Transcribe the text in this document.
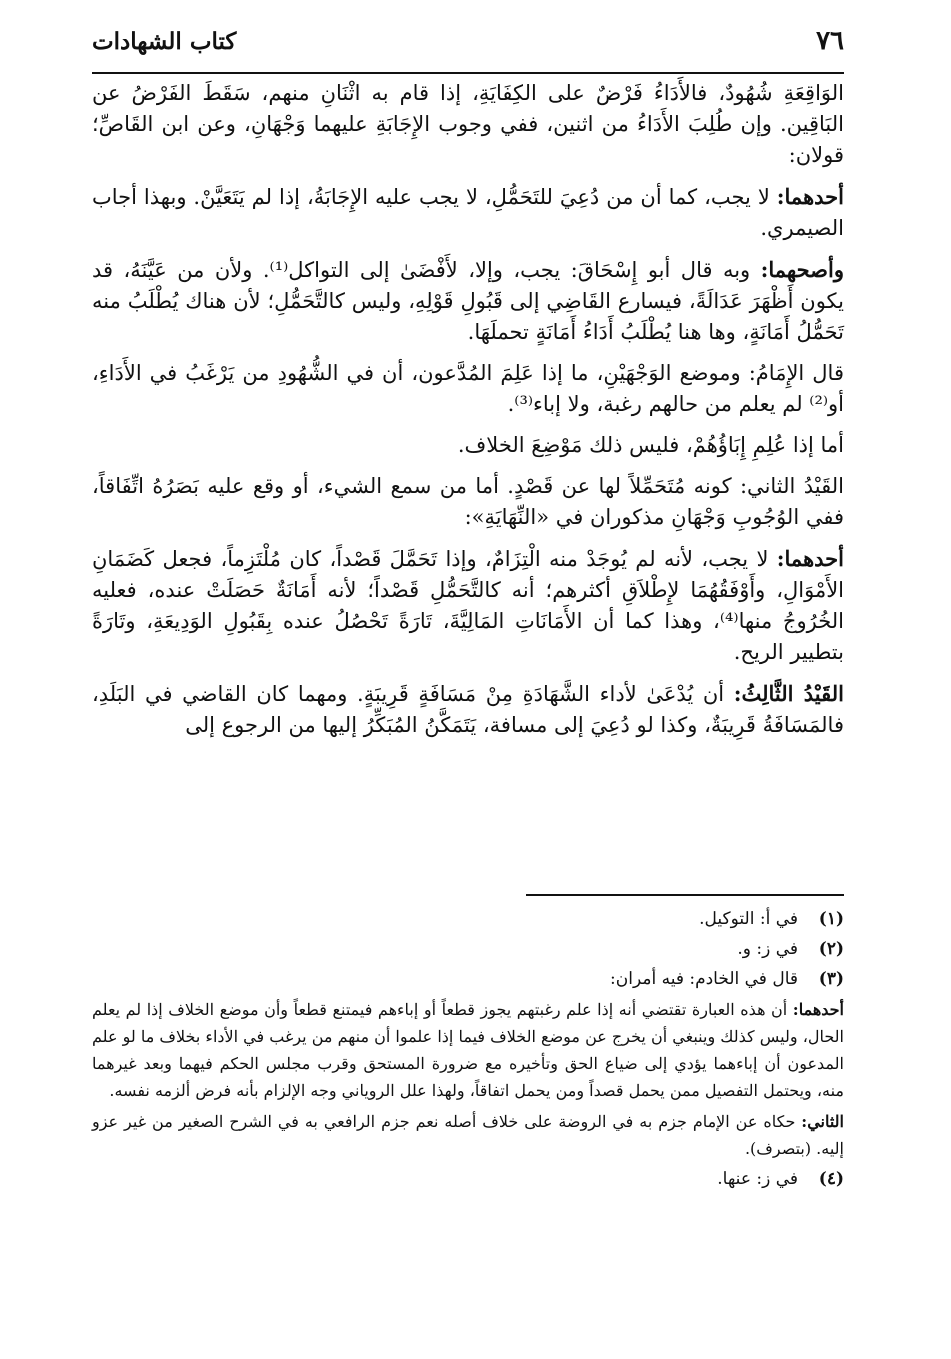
٧٦
كتاب الشهادات

الوَاقِعَةِ شُهُودٌ، فالأَدَاءُ فَرْضٌ على الكِفَايَةِ، إذا قام به اثْنَانِ منهم، سَقَطَ الفَرْضُ عن البَاقِين. وإن طُلِبَ الأَدَاءُ من اثنين، ففي وجوب الإِجَابَةِ عليهما وَجْهَانِ، وعن ابن القَاصِّ؛ قولان:

أحدهما: لا يجب، كما أن من دُعِيَ للتَحَمُّلِ، لا يجب عليه الإِجَابَةُ، إذا لم يَتَعَيَّنْ. وبهذا أجاب الصيمري.

وأصحهما: وبه قال أبو إِسْحَاقَ: يجب، وإلا، لأَفْضَىٰ إلى التواكل⁽¹⁾. ولأن من عَيَّنَهُ، قد يكون أَظْهَرَ عَدَالَةً، فيسارع القَاضِي إلى قَبُولِ قَوْلِهِ، وليس كالتَّحَمُّلِ؛ لأن هناك يُطْلَبُ منه تَحَمُّلُ أَمَانَةٍ، وها هنا يُطْلَبُ أَدَاءُ أَمَانَةٍ تحملَهَا.

قال الإِمَامُ: وموضع الوَجْهَيْنِ، ما إذا عَلِمَ المُدَّعون، أن في الشُّهُودِ من يَرْغَبُ في الأَدَاءِ، أو⁽²⁾ لم يعلم من حالهم رغبة، ولا إباء⁽³⁾.

أما إذا عُلِمِ إِبَاؤُهُمْ، فليس ذلك مَوْضِعَ الخلاف.

القَيْدُ الثاني: كونه مُتَحَمِّلاً لها عن قَصْدٍ. أما من سمع الشيء، أو وقع عليه بَصَرُهُ اتِّفَاقاً، ففي الوُجُوبِ وَجْهَانِ مذكوران في «النِّهَايَةِ»:

أحدهما: لا يجب، لأنه لم يُوجَدْ منه الْتِزَامٌ، وإذا تَحَمَّلَ قَصْداً، كان مُلْتَزِماً، فجعل كَضَمَانِ الأَمْوَالِ، وأَوْفَقُهُمَا لإِطْلاَقِ أكثرهم؛ أنه كالتَّحَمُّلِ قَصْداً؛ لأنه أَمَانَةٌ حَصَلَتْ عنده، فعليه الخُرُوجُ منها⁽⁴⁾، وهذا كما أن الأَمَانَاتِ المَالِيَّةَ، تَارَةً تَحْصُلُ عنده بِقَبُولِ الوَدِيعَةِ، وتَارَةً بتطيير الريح.

القَيْدُ الثَّالِثُ: أن يُدْعَىٰ لأداء الشَّهَادَةِ مِنْ مَسَافَةٍ قَرِيبَةٍ. ومهما كان القاضي في البَلَدِ، فالمَسَافَةُ قَرِيبَةٌ، وكذا لو دُعِيَ إلى مسافة، يَتَمَكَّنُ المُبَكِّرُ إليها من الرجوع إلى

(١)
في أ: التوكيل.
(٢)
في ز: و.
(٣)
قال في الخادم: فيه أمران:
أحدهما: أن هذه العبارة تقتضي أنه إذا علم رغبتهم يجوز قطعاً أو إباءهم فيمتنع قطعاً وأن موضع الخلاف إذا لم يعلم الحال، وليس كذلك وينبغي أن يخرج عن موضع الخلاف فيما إذا علموا أن منهم من يرغب في الأداء بخلاف ما لو علم المدعون أن إباءهما يؤدي إلى ضياع الحق وتأخيره مع ضرورة المستحق وقرب مجلس الحكم فيهما وبعد غيرهما منه، ويحتمل التفصيل ممن يحمل قصداً ومن يحمل اتفاقاً، ولهذا علل الروياني وجه الإلزام بأنه فرض ألزمه نفسه.
الثاني: حكاه عن الإمام جزم به في الروضة على خلاف أصله نعم جزم الرافعي به في الشرح الصغير من غير عزو إليه. (بتصرف).
(٤)
في ز: عنها.
